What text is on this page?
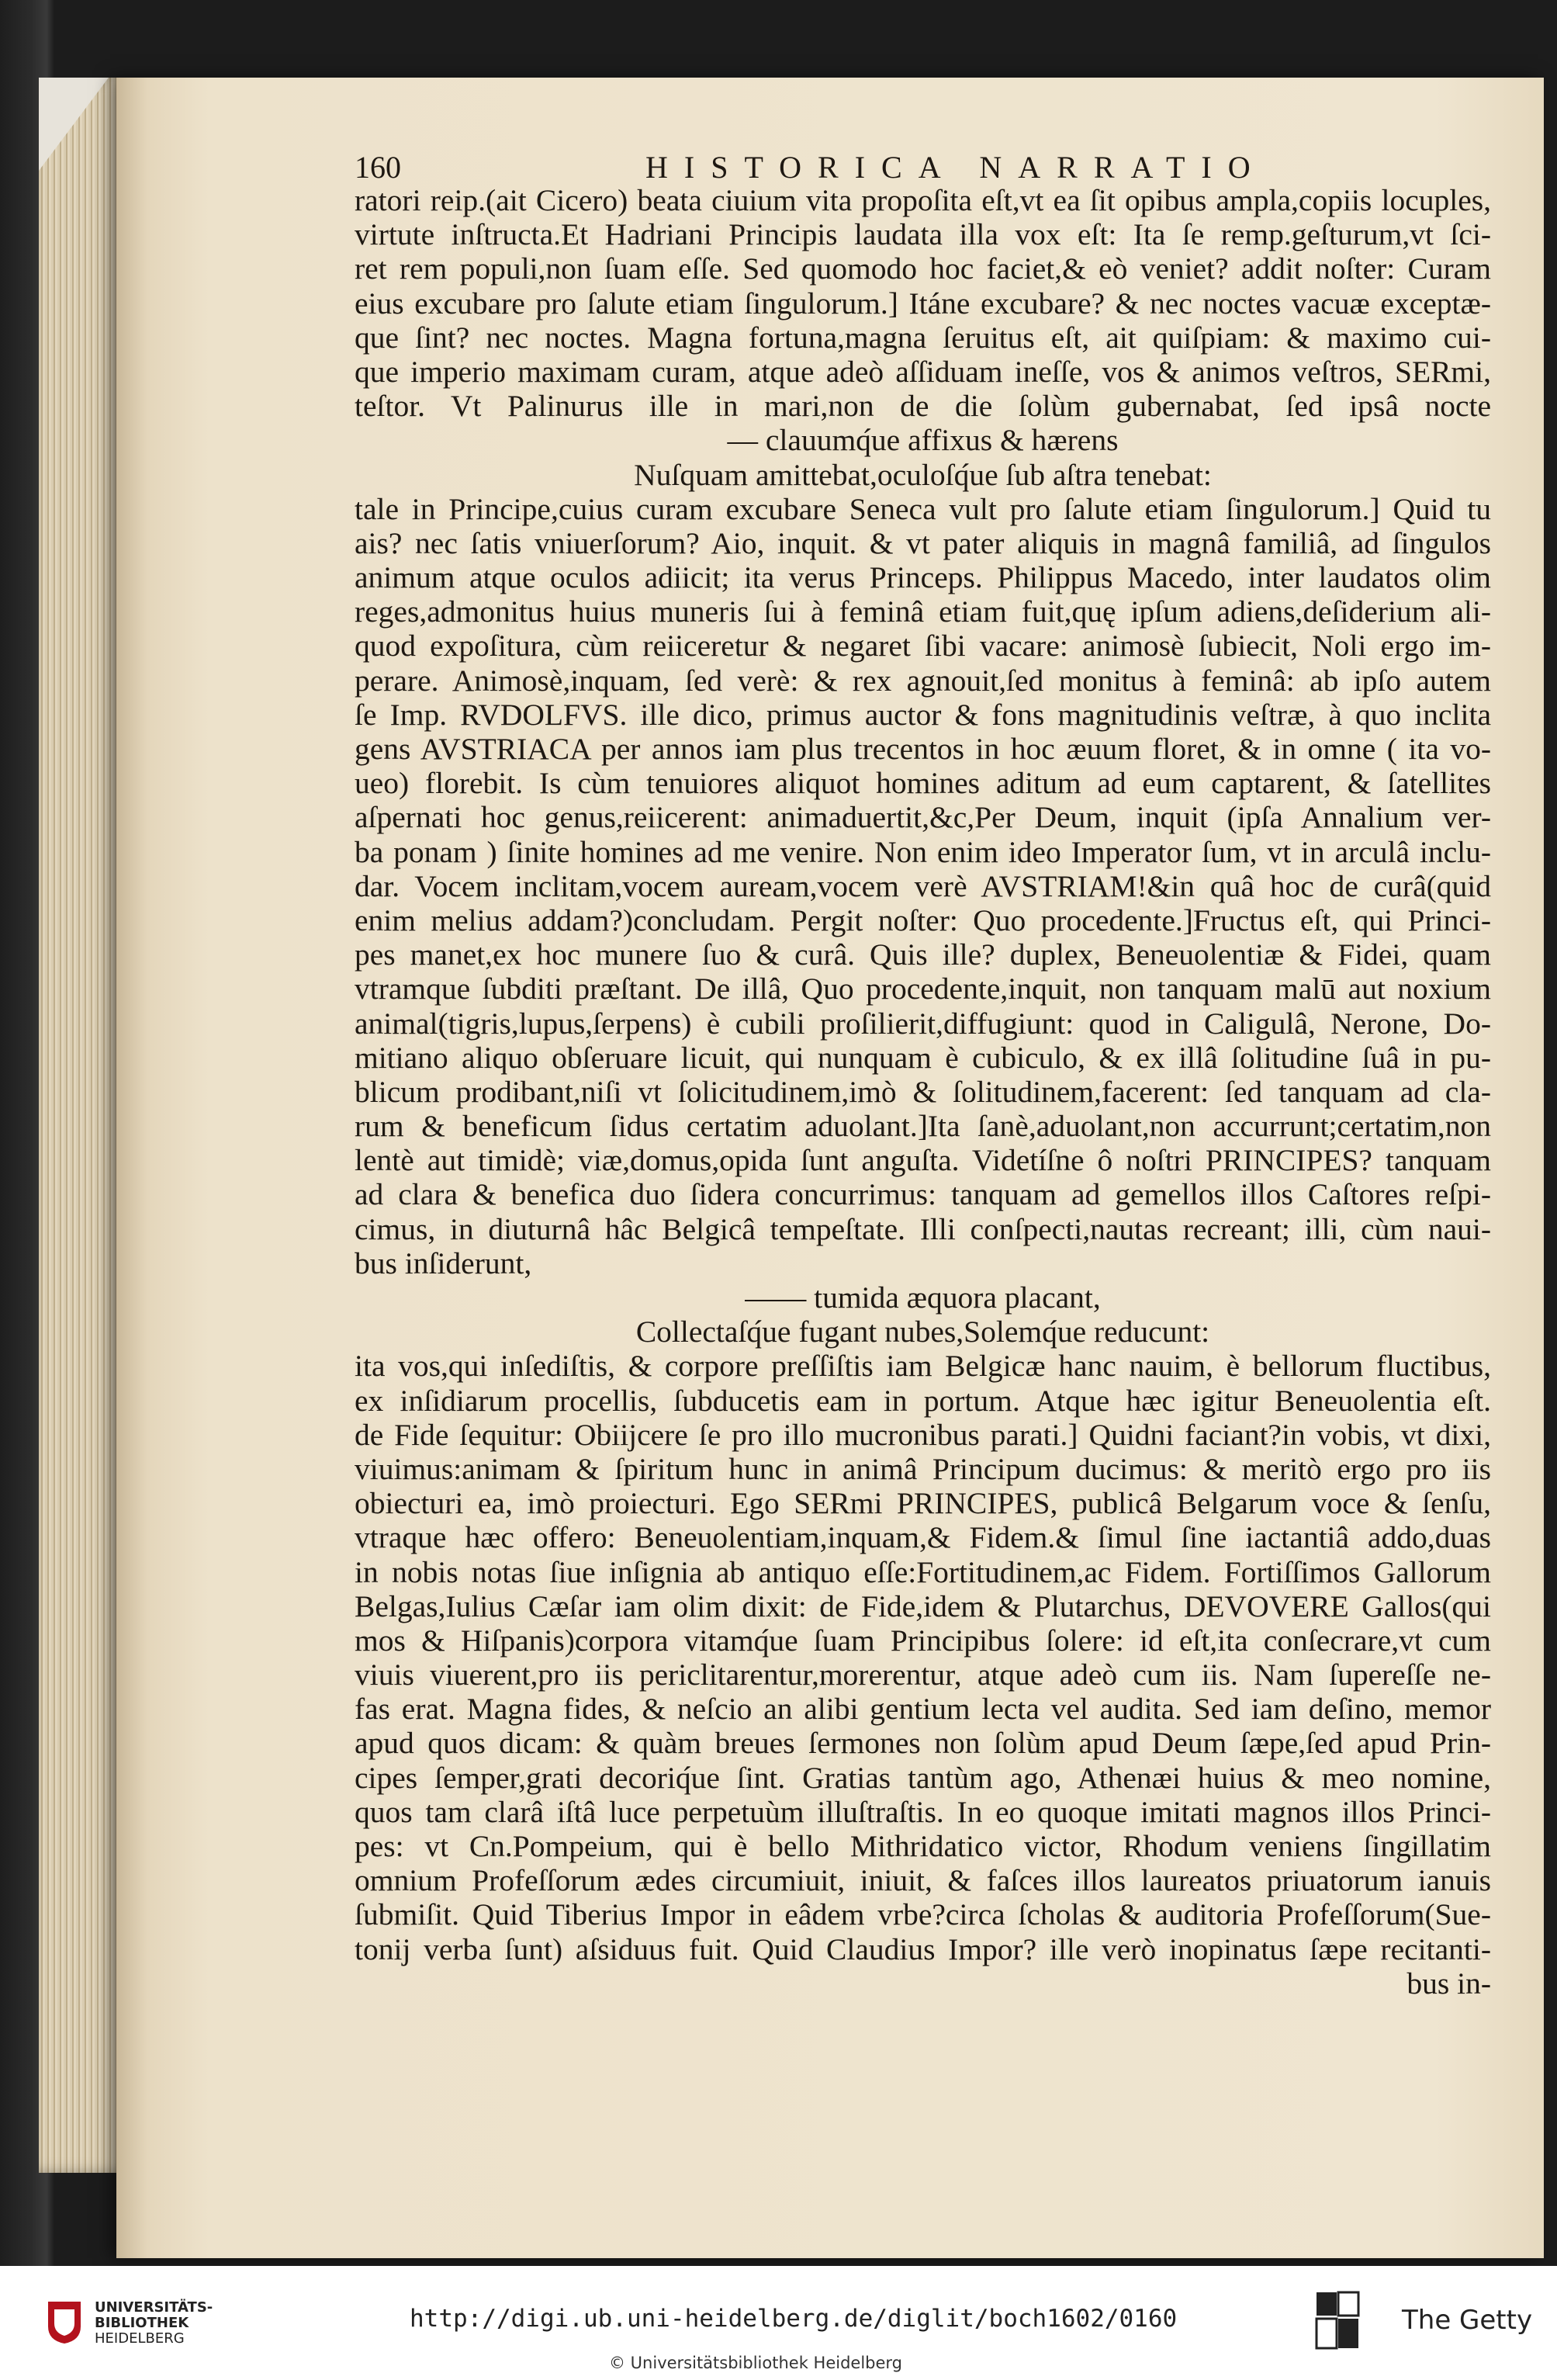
160	HISTORICA NARRATIO
ratori reip.(ait Cicero) beata ciuium vita propoſita eſt,vt ea ſit opibus ampla,copiis locuples,
virtute inſtructa.Et Hadriani Principis laudata illa vox eſt: Ita ſe remp.geſturum,vt ſci-
ret rem populi,non ſuam eſſe. Sed quomodo hoc faciet,& eò veniet? addit noſter: Curam
eius excubare pro ſalute etiam ſingulorum.] Itáne excubare? & nec noctes vacuæ exceptæ-
que ſint? nec noctes. Magna fortuna,magna ſeruitus eſt, ait quiſpiam: & maximo cui-
que imperio maximam curam, atque adeò aſſiduam ineſſe, vos & animos veſtros, SERmi,
teſtor. Vt Palinurus ille in mari,non de die ſolùm gubernabat, ſed ipsâ nocte
— clauumq́ue affixus & hærens
Nuſquam amittebat,oculoſq́ue ſub aſtra tenebat:
tale in Principe,cuius curam excubare Seneca vult pro ſalute etiam ſingulorum.] Quid tu
ais? nec ſatis vniuerſorum? Aio, inquit. & vt pater aliquis in magnâ familiâ, ad ſingulos
animum atque oculos adiicit; ita verus Princeps. Philippus Macedo, inter laudatos olim
reges,admonitus huius muneris ſui à feminâ etiam fuit,quę ipſum adiens,deſiderium ali-
quod expoſitura, cùm reiiceretur & negaret ſibi vacare: animosè ſubiecit, Noli ergo im-
perare. Animosè,inquam, ſed verè: & rex agnouit,ſed monitus à feminâ: ab ipſo autem
ſe Imp. RVDOLFVS. ille dico, primus auctor & fons magnitudinis veſtræ, à quo inclita
gens AVSTRIACA per annos iam plus trecentos in hoc æuum floret, & in omne ( ita vo-
ueo) florebit. Is cùm tenuiores aliquot homines aditum ad eum captarent, & ſatellites
aſpernati hoc genus,reiicerent: animaduertit,&c,Per Deum, inquit (ipſa Annalium ver-
ba ponam ) ſinite homines ad me venire. Non enim ideo Imperator ſum, vt in arculâ inclu-
dar. Vocem inclitam,vocem auream,vocem verè AVSTRIAM!&in quâ hoc de curâ(quid
enim melius addam?)concludam. Pergit noſter: Quo procedente.]Fructus eſt, qui Princi-
pes manet,ex hoc munere ſuo & curâ. Quis ille? duplex, Beneuolentiæ & Fidei, quam
vtramque ſubditi præſtant. De illâ, Quo procedente,inquit, non tanquam malū aut noxium
animal(tigris,lupus,ſerpens) è cubili proſilierit,diffugiunt: quod in Caligulâ, Nerone, Do-
mitiano aliquo obſeruare licuit, qui nunquam è cubiculo, & ex illâ ſolitudine ſuâ in pu-
blicum prodibant,niſi vt ſolicitudinem,imò & ſolitudinem,facerent: ſed tanquam ad cla-
rum & beneficum ſidus certatim aduolant.]Ita ſanè,aduolant,non accurrunt;certatim,non
lentè aut timidè; viæ,domus,opida ſunt anguſta. Videtíſne ô noſtri PRINCIPES? tanquam
ad clara & benefica duo ſidera concurrimus: tanquam ad gemellos illos Caſtores reſpi-
cimus, in diuturnâ hâc Belgicâ tempeſtate. Illi conſpecti,nautas recreant; illi, cùm naui-
bus inſiderunt,
—— tumida æquora placant,
Collectaſq́ue fugant nubes,Solemq́ue reducunt:
ita vos,qui inſediſtis, & corpore preſſiſtis iam Belgicæ hanc nauim, è bellorum fluctibus,
ex inſidiarum procellis, ſubducetis eam in portum. Atque hæc igitur Beneuolentia eſt.
de Fide ſequitur: Obiĳcere ſe pro illo mucronibus parati.] Quidni faciant?in vobis, vt dixi,
viuimus:animam & ſpiritum hunc in animâ Principum ducimus: & meritò ergo pro iis
obiecturi ea, imò proiecturi. Ego SERmi PRINCIPES, publicâ Belgarum voce & ſenſu,
vtraque hæc offero: Beneuolentiam,inquam,& Fidem.& ſimul ſine iactantiâ addo,duas
in nobis notas ſiue inſignia ab antiquo eſſe:Fortitudinem,ac Fidem. Fortiſſimos Gallorum
Belgas,Iulius Cæſar iam olim dixit: de Fide,idem & Plutarchus, DEVOVERE Gallos(qui
mos & Hiſpanis)corpora vitamq́ue ſuam Principibus ſolere: id eſt,ita conſecrare,vt cum
viuis viuerent,pro iis periclitarentur,morerentur, atque adeò cum iis. Nam ſupereſſe ne-
fas erat. Magna fides, & neſcio an alibi gentium lecta vel audita. Sed iam deſino, memor
apud quos dicam: & quàm breues ſermones non ſolùm apud Deum ſæpe,ſed apud Prin-
cipes ſemper,grati decoriq́ue ſint. Gratias tantùm ago, Athenæi huius & meo nomine,
quos tam clarâ iſtâ luce perpetuùm illuſtraſtis. In eo quoque imitati magnos illos Princi-
pes: vt Cn.Pompeium, qui è bello Mithridatico victor, Rhodum veniens ſingillatim
omnium Profeſſorum ædes circumiuit, iniuit, & faſces illos laureatos priuatorum ianuis
ſubmiſit. Quid Tiberius Impor in eâdem vrbe?circa ſcholas & auditoria Profeſſorum(Sue-
tonij verba ſunt) aſsiduus fuit. Quid Claudius Impor? ille verò inopinatus ſæpe recitanti-
bus in-
UNIVERSITÄTS-
BIBLIOTHEK
HEIDELBERG
http://digi.ub.uni-heidelberg.de/diglit/boch1602/0160
© Universitätsbibliothek Heidelberg
The Getty
